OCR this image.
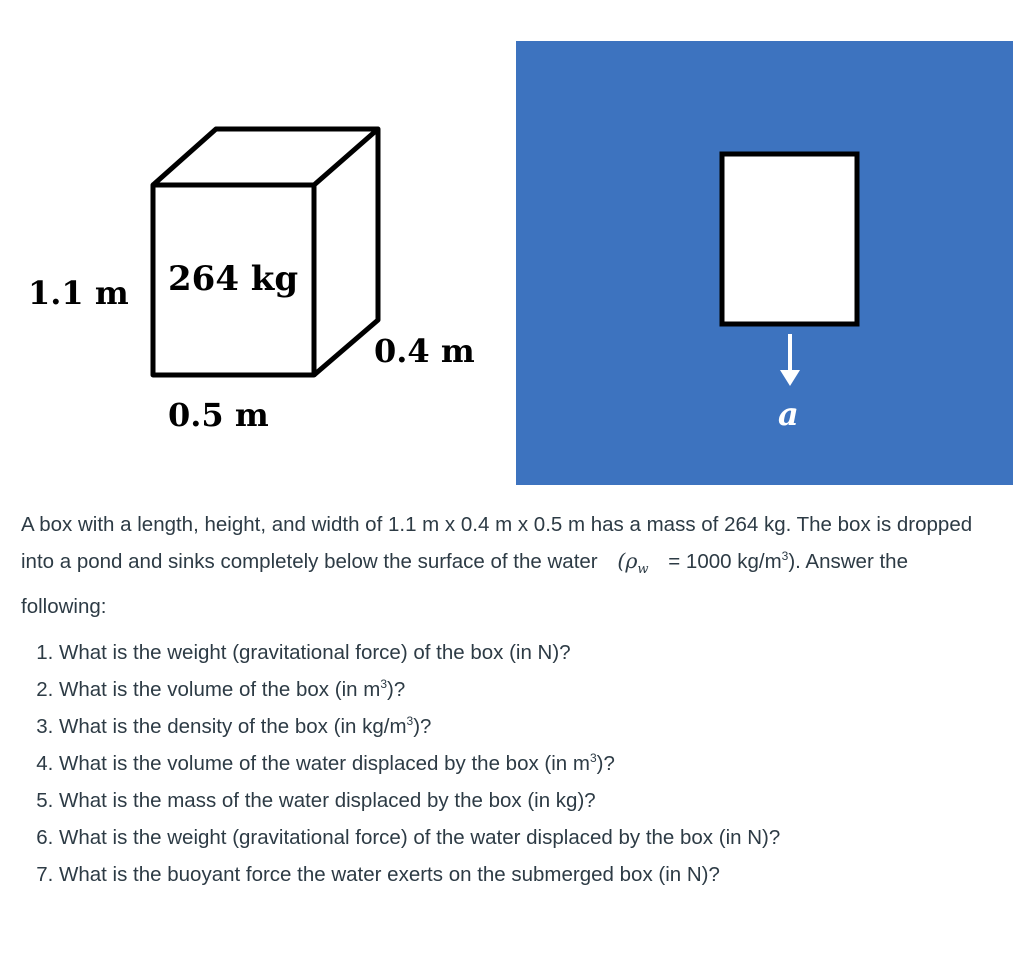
264 kg
1.1 m
0.4 m
0.5 m	a

A box with a length, height, and width of 1.1 m x 0.4 m x 0.5 m has a mass of 264 kg. The box is dropped into a pond and sinks completely below the surface of the water ($\rho_w = 1000$ $kg/m^3$). Answer the following:

1. What is the weight (gravitational force) of the box (in N)?
2. What is the volume of the box (in $m^3$)?
3. What is the density of the box (in $kg/m^3$)?
4. What is the volume of the water displaced by the box (in $m^3$)?
5. What is the mass of the water displaced by the box (in kg)?
6. What is the weight (gravitational force) of the water displaced by the box (in N)?
7. What is the buoyant force the water exerts on the submerged box (in N)?
